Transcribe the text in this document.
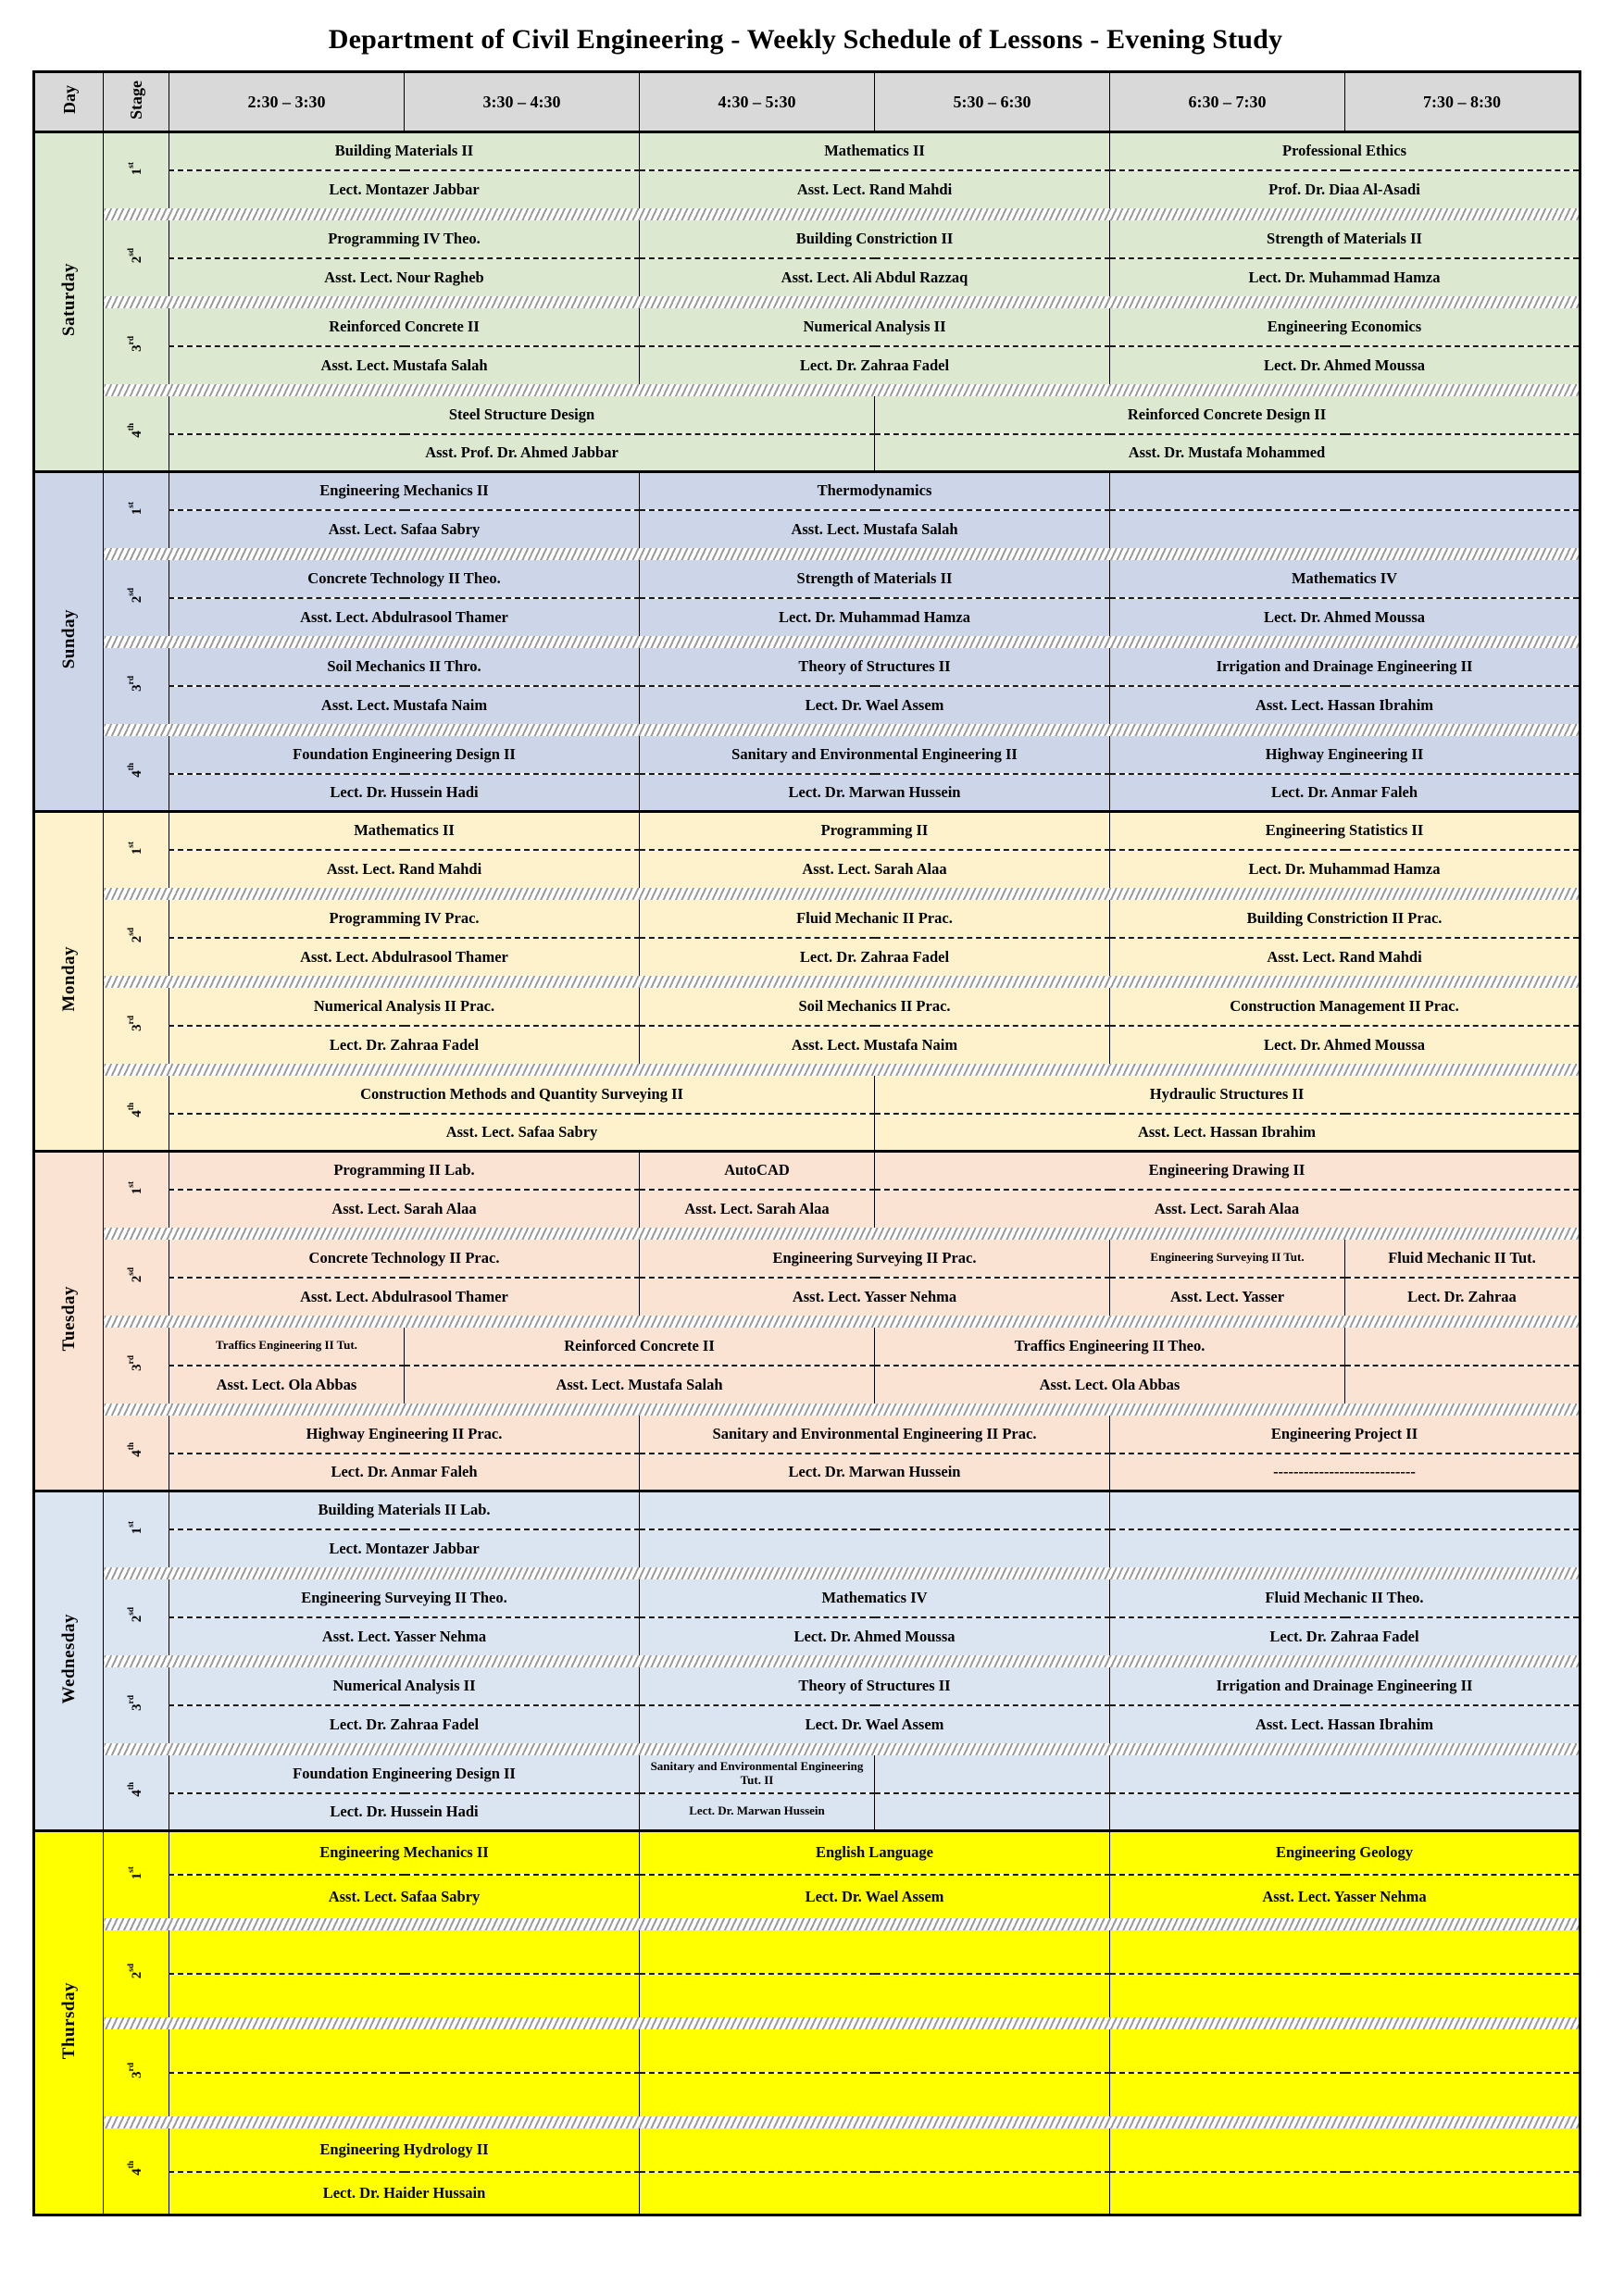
Department of Civil Engineering - Weekly Schedule of Lessons - Evening Study
Day	Stage	2:30 – 3:30	3:30 – 4:30	4:30 – 5:30	5:30 – 6:30	6:30 – 7:30	7:30 – 8:30
Saturday	1st	Building Materials II		Mathematics II		Professional Ethics	
		Lect. Montazer Jabbar		Asst. Lect. Rand Mahdi		Prof. Dr. Diaa Al-Asadi	

	$2^{sd}$	Programming IV Theo.		Building Constriction II		Strength of Materials II	
		Asst. Lect. Nour Ragheb		Asst. Lect. Ali Abdul Razzaq		Lect. Dr. Muhammad Hamza	

	3rd	Reinforced Concrete II		Numerical Analysis II		Engineering Economics	
		Asst. Lect. Mustafa Salah		Lect. Dr. Zahraa Fadel		Lect. Dr. Ahmed Moussa	

	4th	Steel Structure Design			Reinforced Concrete Design II		
		Asst. Prof. Dr. Ahmed Jabbar			Asst. Dr. Mustafa Mohammed		
Sunday	1st	Engineering Mechanics II		Thermodynamics			
		Asst. Lect. Safaa Sabry		Asst. Lect. Mustafa Salah			

	$2^{sd}$	Concrete Technology II Theo.		Strength of Materials II		Mathematics IV	
		Asst. Lect. Abdulrasool Thamer		Lect. Dr. Muhammad Hamza		Lect. Dr. Ahmed Moussa	

	3rd	Soil Mechanics II Thro.		Theory of Structures II		Irrigation and Drainage Engineering II	
		Asst. Lect. Mustafa Naim		Lect. Dr. Wael Assem		Asst. Lect. Hassan Ibrahim	

	4th	Foundation Engineering Design II		Sanitary and Environmental Engineering II		Highway Engineering II	
		Lect. Dr. Hussein Hadi		Lect. Dr. Marwan Hussein		Lect. Dr. Anmar Faleh	
Monday	1st	Mathematics II		Programming II		Engineering Statistics II	
		Asst. Lect. Rand Mahdi		Asst. Lect. Sarah Alaa		Lect. Dr. Muhammad Hamza	

	$2^{sd}$	Programming IV Prac.		Fluid Mechanic II Prac.		Building Constriction II Prac.	
		Asst. Lect. Abdulrasool Thamer		Lect. Dr. Zahraa Fadel		Asst. Lect. Rand Mahdi	

	3rd	Numerical Analysis II Prac.		Soil Mechanics II Prac.		Construction Management II Prac.	
		Lect. Dr. Zahraa Fadel		Asst. Lect. Mustafa Naim		Lect. Dr. Ahmed Moussa	

	4th	Construction Methods and Quantity Surveying II			Hydraulic Structures II		
		Asst. Lect. Safaa Sabry			Asst. Lect. Hassan Ibrahim		
Tuesday	1st	Programming II Lab.		AutoCAD	Engineering Drawing II		
		Asst. Lect. Sarah Alaa		Asst. Lect. Sarah Alaa	Asst. Lect. Sarah Alaa		

	$2^{sd}$	Concrete Technology II Prac.		Engineering Surveying II Prac.		Engineering Surveying II Tut.	Fluid Mechanic II Tut.
		Asst. Lect. Abdulrasool Thamer		Asst. Lect. Yasser Nehma		Asst. Lect. Yasser	Lect. Dr. Zahraa

	3rd	Traffics Engineering II Tut.	Reinforced Concrete II		Traffics Engineering II Theo.		
		Asst. Lect. Ola Abbas	Asst. Lect. Mustafa Salah		Asst. Lect. Ola Abbas		

	4th	Highway Engineering II Prac.		Sanitary and Environmental Engineering II Prac.		Engineering Project II	
		Lect. Dr. Anmar Faleh		Lect. Dr. Marwan Hussein		----------------------------	
Wednesday	1st	Building Materials II Lab.					
		Lect. Montazer Jabbar					

	$2^{sd}$	Engineering Surveying II Theo.		Mathematics IV		Fluid Mechanic II Theo.	
		Asst. Lect. Yasser Nehma		Lect. Dr. Ahmed Moussa		Lect. Dr. Zahraa Fadel	

	3rd	Numerical Analysis II		Theory of Structures II		Irrigation and Drainage Engineering II	
		Lect. Dr. Zahraa Fadel		Lect. Dr. Wael Assem		Asst. Lect. Hassan Ibrahim	

	4th	Foundation Engineering Design II		Sanitary and Environmental Engineering Tut. II			
		Lect. Dr. Hussein Hadi		Lect. Dr. Marwan Hussein			
Thursday	1st	Engineering Mechanics II		English Language		Engineering Geology	
		Asst. Lect. Safaa Sabry		Lect. Dr. Wael Assem		Asst. Lect. Yasser Nehma	

	$2^{sd}$			

	3rd			

	4th	Engineering Hydrology II					
		Lect. Dr. Haider Hussain					
